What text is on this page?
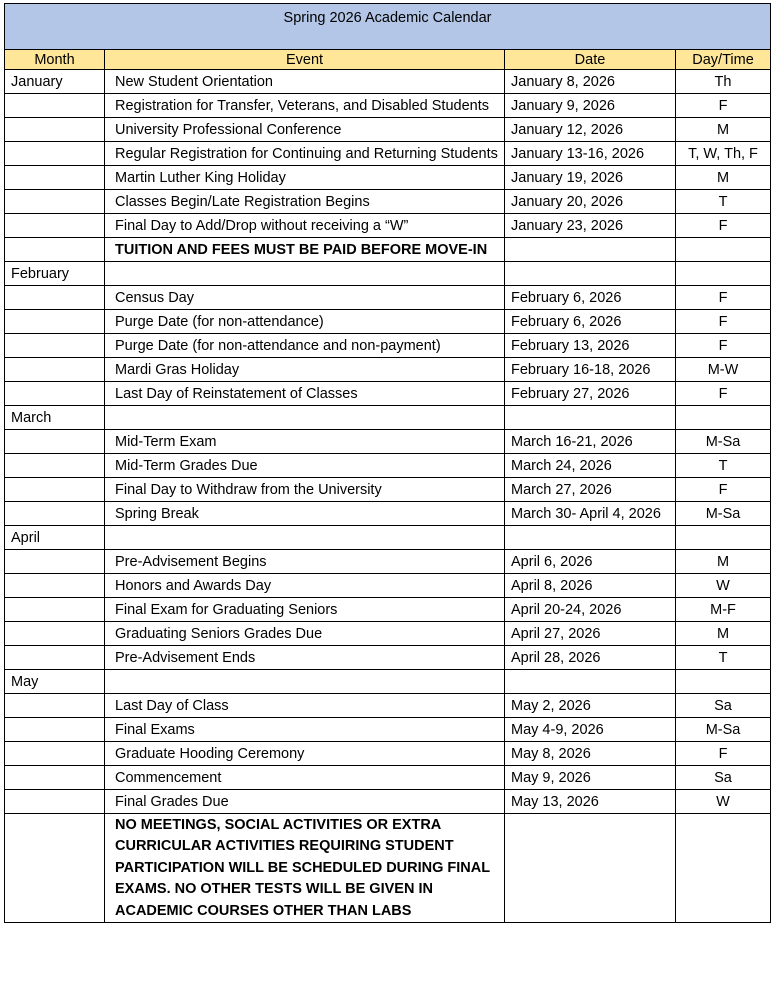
Spring 2026 Academic Calendar			
Month	Event	Date	Day/Time
January	New Student Orientation	January 8, 2026	Th
	Registration for Transfer, Veterans, and Disabled Students	January 9, 2026	F
	University Professional Conference	January 12, 2026	M
	Regular Registration for Continuing and Returning Students	January 13-16, 2026	T, W, Th, F
	Martin Luther King Holiday	January 19, 2026	M
	Classes Begin/Late Registration Begins	January 20, 2026	T
	Final Day to Add/Drop without receiving a “W”	January 23, 2026	F
	TUITION AND FEES MUST BE PAID BEFORE MOVE-IN		
February			
	Census Day	February 6, 2026	F
	Purge Date (for non-attendance)	February 6, 2026	F
	Purge Date (for non-attendance and non-payment)	February 13, 2026	F
	Mardi Gras Holiday	February 16-18, 2026	M-W
	Last Day of Reinstatement of Classes	February 27, 2026	F
March			
	Mid-Term Exam	March 16-21, 2026	M-Sa
	Mid-Term Grades Due	March 24, 2026	T
	Final Day to Withdraw from the University	March 27, 2026	F
	Spring Break	March 30- April 4, 2026	M-Sa
April			
	Pre-Advisement Begins	April 6, 2026	M
	Honors and Awards Day	April 8, 2026	W
	Final Exam for Graduating Seniors	April 20-24, 2026	M-F
	Graduating Seniors Grades Due	April 27, 2026	M
	Pre-Advisement Ends	April 28, 2026	T
May			
	Last Day of Class	May 2, 2026	Sa
	Final Exams	May 4-9, 2026	M-Sa
	Graduate Hooding Ceremony	May 8, 2026	F
	Commencement	May 9, 2026	Sa
	Final Grades Due	May 13, 2026	W
	NO MEETINGS, SOCIAL ACTIVITIES OR EXTRA CURRICULAR ACTIVITIES REQUIRING STUDENT PARTICIPATION WILL BE SCHEDULED DURING FINAL EXAMS. NO OTHER TESTS WILL BE GIVEN IN ACADEMIC COURSES OTHER THAN LABS		
